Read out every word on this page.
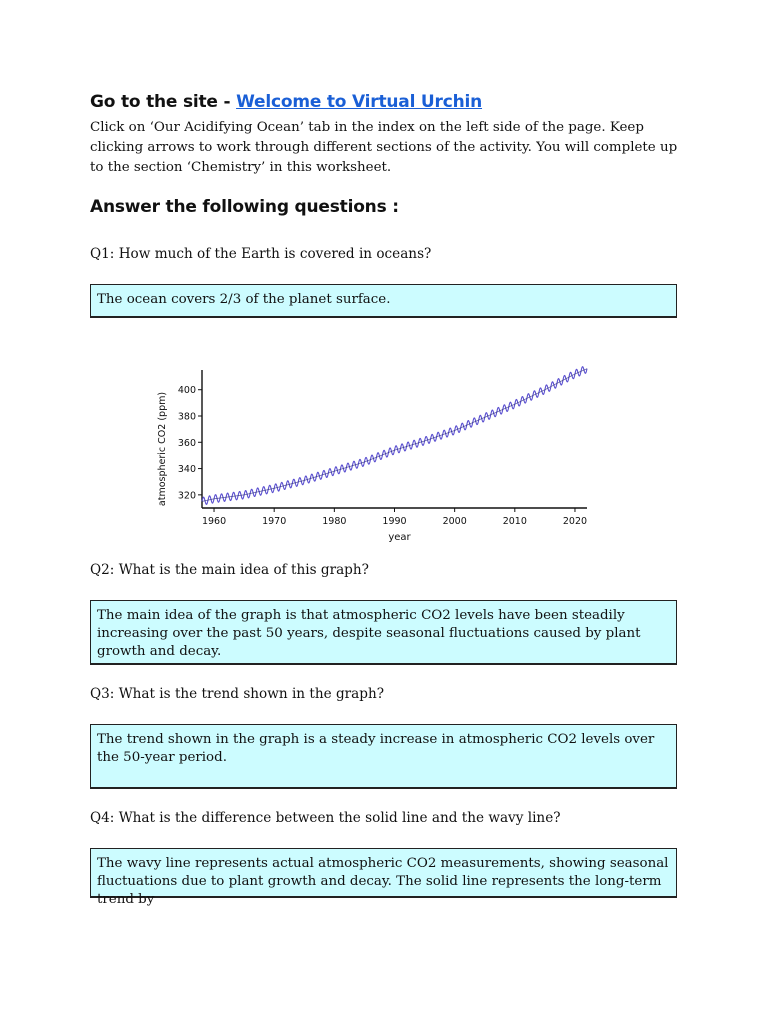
Go to the site - Welcome to Virtual Urchin

Click on ‘Our Acidifying Ocean’ tab in the index on the left side of the page. Keep clicking arrows to work through different sections of the activity. You will complete up to the section ‘Chemistry’ in this worksheet.

Answer the following questions :

Q1: How much of the Earth is covered in oceans?

The ocean covers 2/3 of the planet surface.
320
340
360
380
400
1960	1970	1980	1990	2000	2010	2020
year
atmospheric CO2 (ppm)

Q2: What is the main idea of this graph?

The main idea of the graph is that atmospheric CO2 levels have been steadily increasing over the past 50 years, despite seasonal fluctuations caused by plant growth and decay.

Q3: What is the trend shown in the graph?

The trend shown in the graph is a steady increase in atmospheric CO2 levels over the 50-year period.

Q4: What is the difference between the solid line and the wavy line?

The wavy line represents actual atmospheric CO2 measurements, showing seasonal fluctuations due to plant growth and decay. The solid line represents the long-term trend by
